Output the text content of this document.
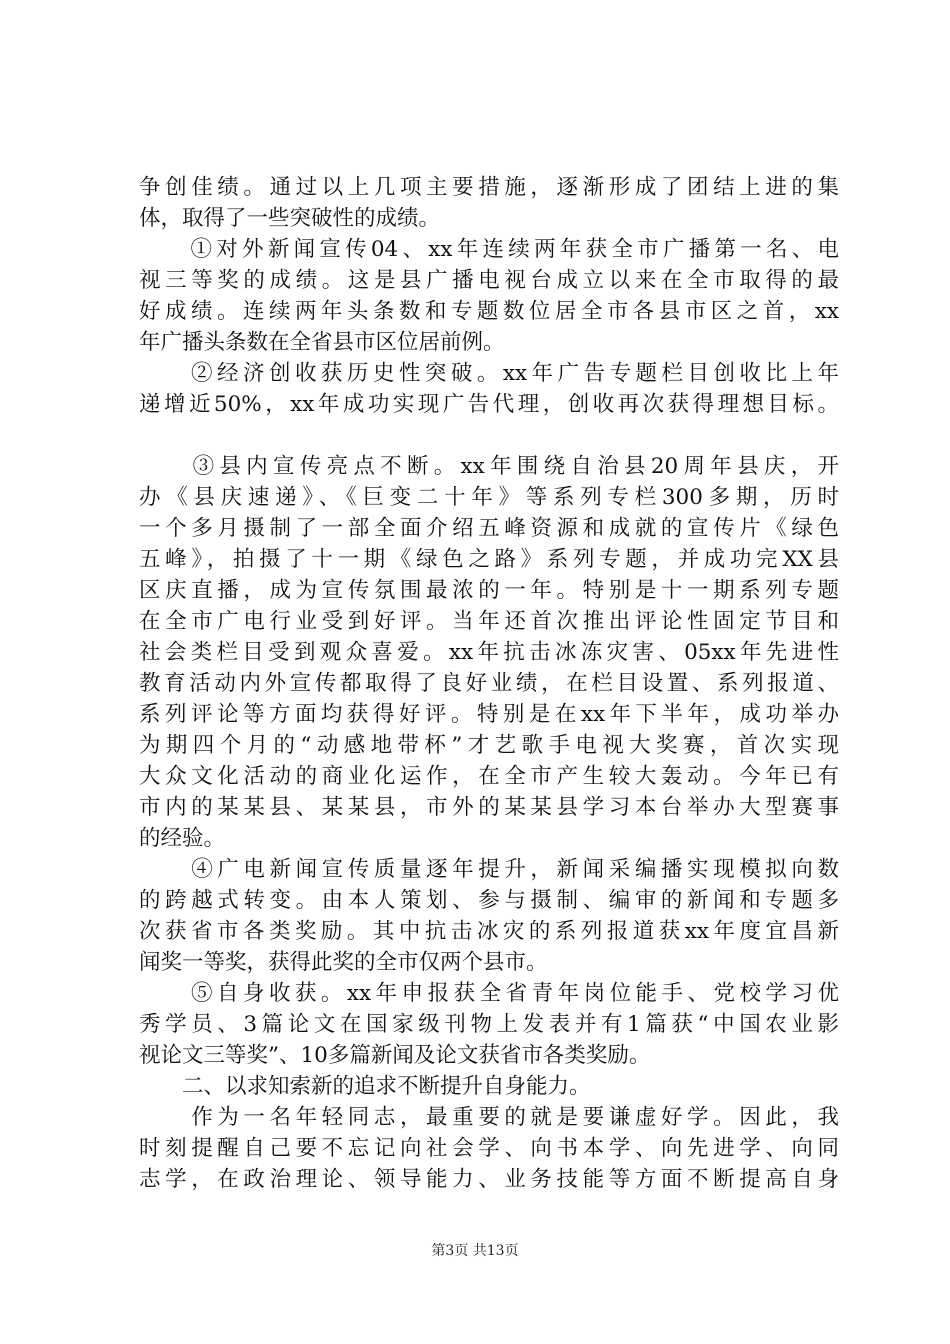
争创佳绩。通过以上几项主要措施，逐渐形成了团结上进的集
体，取得了一些突破性的成绩。
　　①对外新闻宣传04、xx年连续两年获全市广播第一名、电
视三等奖的成绩。这是县广播电视台成立以来在全市取得的最
好成绩。连续两年头条数和专题数位居全市各县市区之首，xx
年广播头条数在全省县市区位居前例。
　　②经济创收获历史性突破。xx年广告专题栏目创收比上年
递增近50%，xx年成功实现广告代理，创收再次获得理想目标。
　　③县内宣传亮点不断。xx年围绕自治县20周年县庆，开
办《县庆速递》、《巨变二十年》等系列专栏300多期，历时
一个多月摄制了一部全面介绍五峰资源和成就的宣传片《绿色
五峰》，拍摄了十一期《绿色之路》系列专题，并成功完XX县
区庆直播，成为宣传氛围最浓的一年。特别是十一期系列专题
在全市广电行业受到好评。当年还首次推出评论性固定节目和
社会类栏目受到观众喜爱。xx年抗击冰冻灾害、05xx年先进性
教育活动内外宣传都取得了良好业绩，在栏目设置、系列报道、
系列评论等方面均获得好评。特别是在xx年下半年，成功举办
为期四个月的“动感地带杯”才艺歌手电视大奖赛，首次实现
大众文化活动的商业化运作，在全市产生较大轰动。今年已有
市内的某某县、某某县，市外的某某县学习本台举办大型赛事
的经验。
　　④广电新闻宣传质量逐年提升，新闻采编播实现模拟向数
的跨越式转变。由本人策划、参与摄制、编审的新闻和专题多
次获省市各类奖励。其中抗击冰灾的系列报道获xx年度宜昌新
闻奖一等奖，获得此奖的全市仅两个县市。
　　⑤自身收获。xx年申报获全省青年岗位能手、党校学习优
秀学员、3篇论文在国家级刊物上发表并有1篇获“中国农业影
视论文三等奖”、10多篇新闻及论文获省市各类奖励。
　　二、以求知索新的追求不断提升自身能力。
　　作为一名年轻同志，最重要的就是要谦虚好学。因此，我
时刻提醒自己要不忘记向社会学、向书本学、向先进学、向同
志学，在政治理论、领导能力、业务技能等方面不断提高自身
第3页 共13页
